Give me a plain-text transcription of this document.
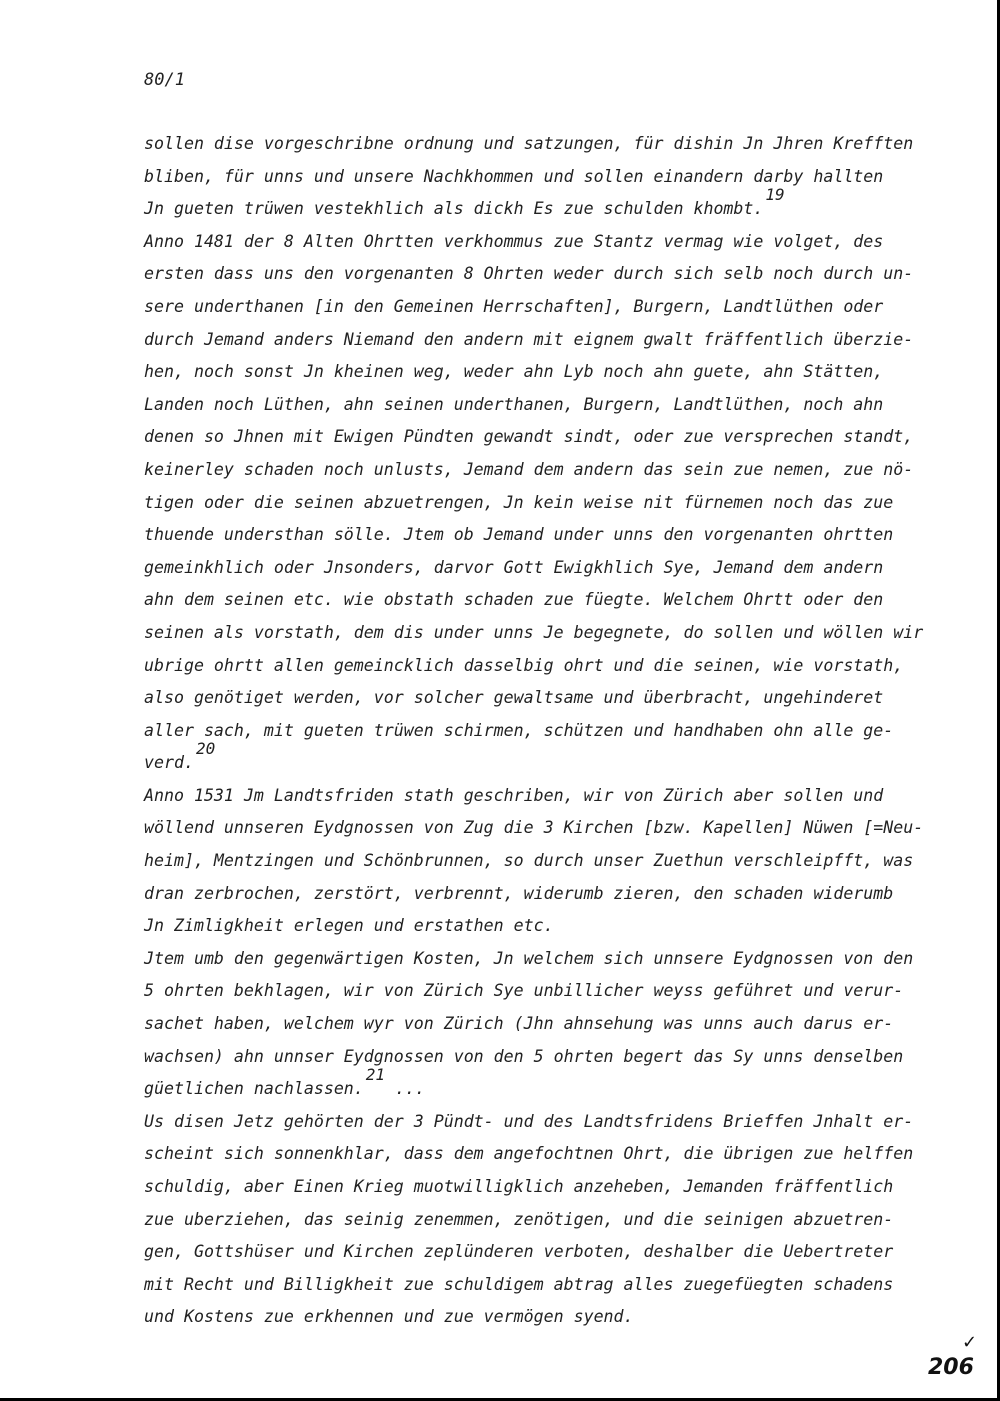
80/1
sollen dise vorgeschribne ordnung und satzungen, für dishin Jn Jhren Krefften
bliben, für unns und unsere Nachkhommen und sollen einandern darby hallten
Jn gueten trüwen vestekhlich als dickh Es zue schulden khombt.19
Anno 1481 der 8 Alten Ohrtten verkhommus zue Stantz vermag wie volget, des
ersten dass uns den vorgenanten 8 Ohrten weder durch sich selb noch durch un-
sere underthanen [in den Gemeinen Herrschaften], Burgern, Landtlüthen oder
durch Jemand anders Niemand den andern mit eignem gwalt fräffentlich überzie-
hen, noch sonst Jn kheinen weg, weder ahn Lyb noch ahn guete, ahn Stätten,
Landen noch Lüthen, ahn seinen underthanen, Burgern, Landtlüthen, noch ahn
denen so Jhnen mit Ewigen Pündten gewandt sindt, oder zue versprechen standt,
keinerley schaden noch unlusts, Jemand dem andern das sein zue nemen, zue nö-
tigen oder die seinen abzuetrengen, Jn kein weise nit fürnemen noch das zue
thuende understhan sölle. Jtem ob Jemand under unns den vorgenanten ohrtten
gemeinkhlich oder Jnsonders, darvor Gott Ewigkhlich Sye, Jemand dem andern
ahn dem seinen etc. wie obstath schaden zue füegte. Welchem Ohrtt oder den
seinen als vorstath, dem dis under unns Je begegnete, do sollen und wöllen wir
ubrige ohrtt allen gemeincklich dasselbig ohrt und die seinen, wie vorstath,
also genötiget werden, vor solcher gewaltsame und überbracht, ungehinderet
aller sach, mit gueten trüwen schirmen, schützen und handhaben ohn alle ge-
verd.20
Anno 1531 Jm Landtsfriden stath geschriben, wir von Zürich aber sollen und
wöllend unnseren Eydgnossen von Zug die 3 Kirchen [bzw. Kapellen] Nüwen [=Neu-
heim], Mentzingen und Schönbrunnen, so durch unser Zuethun verschleipfft, was
dran zerbrochen, zerstört, verbrennt, widerumb zieren, den schaden widerumb
Jn Zimligkheit erlegen und erstathen etc.
Jtem umb den gegenwärtigen Kosten, Jn welchem sich unnsere Eydgnossen von den
5 ohrten bekhlagen, wir von Zürich Sye unbillicher weyss geführet und verur-
sachet haben, welchem wyr von Zürich (Jhn ahnsehung was unns auch darus er-
wachsen) ahn unnser Eydgnossen von den 5 ohrten begert das Sy unns denselben
güetlichen nachlassen.21 ...
Us disen Jetz gehörten der 3 Pündt- und des Landtsfridens Brieffen Jnhalt er-
scheint sich sonnenkhlar, dass dem angefochtnen Ohrt, die übrigen zue helffen
schuldig, aber Einen Krieg muotwilligklich anzeheben, Jemanden fräffentlich
zue uberziehen, das seinig zenemmen, zenötigen, und die seinigen abzuetren-
gen, Gottshüser und Kirchen zeplünderen verboten, deshalber die Uebertreter
mit Recht und Billigkheit zue schuldigem abtrag alles zuegefüegten schadens
und Kostens zue erkhennen und zue vermögen syend.
✓
206
